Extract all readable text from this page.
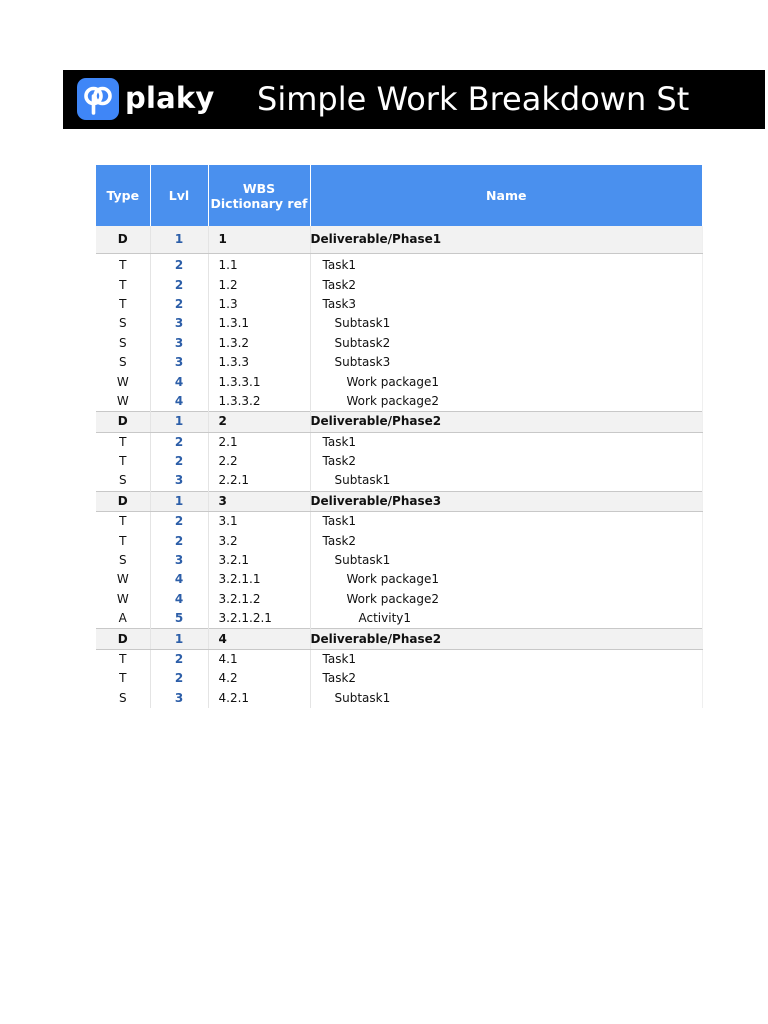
plaky Simple Work Breakdown St
Type	Lvl	WBS Dictionary ref	Name
D	1	1	Deliverable/Phase1

T	2	1.1	Task1
T	2	1.2	Task2
T	2	1.3	Task3
S	3	1.3.1	Subtask1
S	3	1.3.2	Subtask2
S	3	1.3.3	Subtask3
W	4	1.3.3.1	Work package1
W	4	1.3.3.2	Work package2
D	1	2	Deliverable/Phase2
T	2	2.1	Task1
T	2	2.2	Task2
S	3	2.2.1	Subtask1
D	1	3	Deliverable/Phase3
T	2	3.1	Task1
T	2	3.2	Task2
S	3	3.2.1	Subtask1
W	4	3.2.1.1	Work package1
W	4	3.2.1.2	Work package2
A	5	3.2.1.2.1	Activity1
D	1	4	Deliverable/Phase2
T	2	4.1	Task1
T	2	4.2	Task2
S	3	4.2.1	Subtask1
